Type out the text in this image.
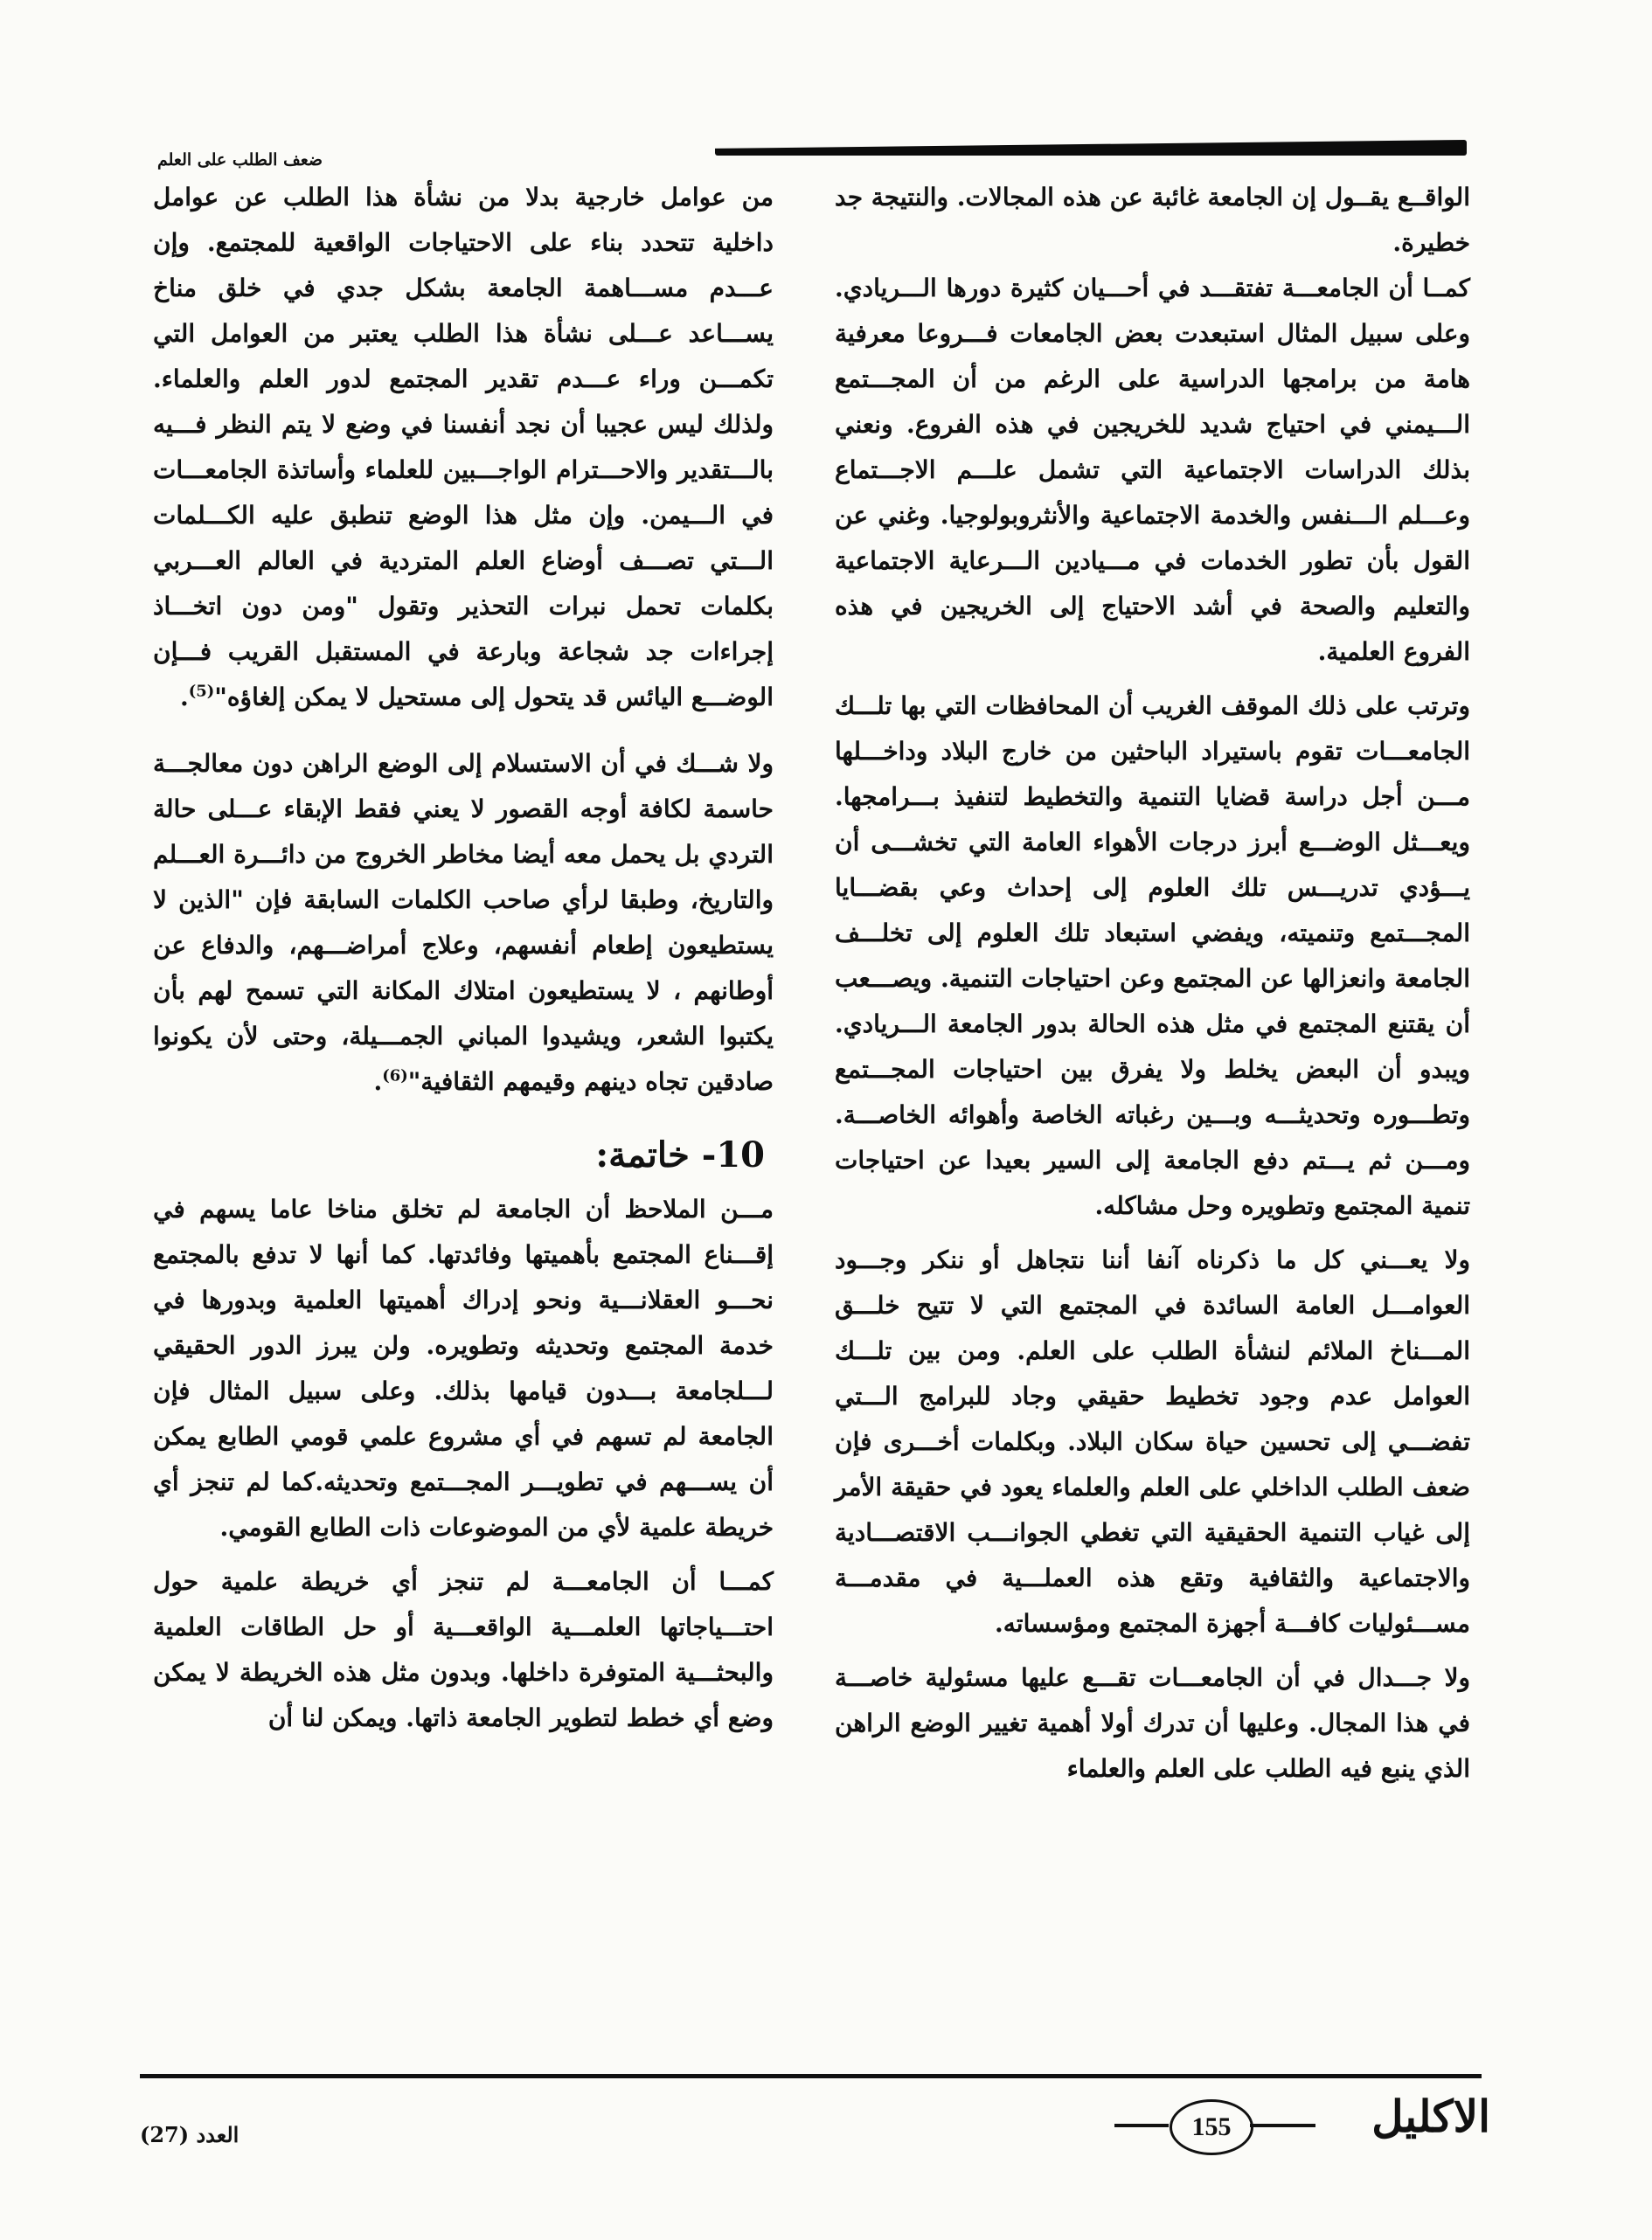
ضعف الطلب على العلم

الواقــع يقــول إن الجامعة غائبة عن هذه المجالات. والنتيجة جد خطيرة.

كمــا أن الجامعـــة تفتقـــد في أحـــيان كثيرة دورها الـــريادي. وعلى سبيل المثال استبعدت بعض الجامعات فـــروعا معرفية هامة من برامجها الدراسية على الرغم من أن المجـــتمع الـــيمني في احتياج شديد للخريجين في هذه الفروع. ونعني بذلك الدراسات الاجتماعية التي تشمل علـــم الاجـــتماع وعـــلم الـــنفس والخدمة الاجتماعية والأنثروبولوجيا. وغني عن القول بأن تطور الخدمات في مـــيادين الـــرعاية الاجتماعية والتعليم والصحة في أشد الاحتياج إلى الخريجين في هذه الفروع العلمية.

وترتب على ذلك الموقف الغريب أن المحافظات التي بها تلـــك الجامعـــات تقوم باستيراد الباحثين من خارج البلاد وداخـــلها مـــن أجل دراسة قضايا التنمية والتخطيط لتنفيذ بـــرامجها. ويعـــثل الوضـــع أبرز درجات الأهواء العامة التي تخشـــى أن يـــؤدي تدريـــس تلك العلوم إلى إحداث وعي بقضـــايا المجـــتمع وتنميته، ويفضي استبعاد تلك العلوم إلى تخلـــف الجامعة وانعزالها عن المجتمع وعن احتياجات التنمية. ويصـــعب أن يقتنع المجتمع في مثل هذه الحالة بدور الجامعة الـــريادي. ويبدو أن البعض يخلط ولا يفرق بين احتياجات المجـــتمع وتطـــوره وتحديثـــه وبـــين رغباته الخاصة وأهوائه الخاصـــة. ومـــن ثم يـــتم دفع الجامعة إلى السير بعيدا عن احتياجات تنمية المجتمع وتطويره وحل مشاكله.

ولا يعـــني كل ما ذكرناه آنفا أننا نتجاهل أو ننكر وجـــود العوامـــل العامة السائدة في المجتمع التي لا تتيح خلـــق المـــناخ الملائم لنشأة الطلب على العلم. ومن بين تلـــك العوامل عدم وجود تخطيط حقيقي وجاد للبرامج الـــتي تفضـــي إلى تحسين حياة سكان البلاد. وبكلمات أخـــرى فإن ضعف الطلب الداخلي على العلم والعلماء يعود في حقيقة الأمر إلى غياب التنمية الحقيقية التي تغطي الجوانـــب الاقتصـــادية والاجتماعية والثقافية وتقع هذه العملـــية في مقدمـــة مســـئوليات كافـــة أجهزة المجتمع ومؤسساته.

ولا جـــدال في أن الجامعـــات تقـــع عليها مسئولية خاصـــة في هذا المجال. وعليها أن تدرك أولا أهمية تغيير الوضع الراهن الذي ينبع فيه الطلب على العلم والعلماء

من عوامل خارجية بدلا من نشأة هذا الطلب عن عوامل داخلية تتحدد بناء على الاحتياجات الواقعية للمجتمع. وإن عـــدم مســـاهمة الجامعة بشكل جدي في خلق مناخ يســـاعد عـــلى نشأة هذا الطلب يعتبر من العوامل التي تكمـــن وراء عـــدم تقدير المجتمع لدور العلم والعلماء. ولذلك ليس عجيبا أن نجد أنفسنا في وضع لا يتم النظر فـــيه بالـــتقدير والاحـــترام الواجـــبين للعلماء وأساتذة الجامعـــات في الـــيمن. وإن مثل هذا الوضع تنطبق عليه الكـــلمات الـــتي تصـــف أوضاع العلم المتردية في العالم العـــربي بكلمات تحمل نبرات التحذير وتقول "ومن دون اتخـــاذ إجراءات جد شجاعة وبارعة في المستقبل القريب فـــإن الوضـــع اليائس قد يتحول إلى مستحيل لا يمكن إلغاؤه"$^{(5)}$.

ولا شـــك في أن الاستسلام إلى الوضع الراهن دون معالجـــة حاسمة لكافة أوجه القصور لا يعني فقط الإبقاء عـــلى حالة التردي بل يحمل معه أيضا مخاطر الخروج من دائـــرة العـــلم والتاريخ، وطبقا لرأي صاحب الكلمات السابقة فإن "الذين لا يستطيعون إطعام أنفسهم، وعلاج أمراضـــهم، والدفاع عن أوطانهم ، لا يستطيعون امتلاك المكانة التي تسمح لهم بأن يكتبوا الشعر، ويشيدوا المباني الجمـــيلة، وحتى لأن يكونوا صادقين تجاه دينهم وقيمهم الثقافية"$^{(6)}$.

10- خاتمة:

مـــن الملاحظ أن الجامعة لم تخلق مناخا عاما يسهم في إقـــناع المجتمع بأهميتها وفائدتها. كما أنها لا تدفع بالمجتمع نحـــو العقلانـــية ونحو إدراك أهميتها العلمية وبدورها في خدمة المجتمع وتحديثه وتطويره. ولن يبرز الدور الحقيقي لـــلجامعة بـــدون قيامها بذلك. وعلى سبيل المثال فإن الجامعة لم تسهم في أي مشروع علمي قومي الطابع يمكن أن يســـهم في تطويـــر المجـــتمع وتحديثه.كما لم تنجز أي خريطة علمية لأي من الموضوعات ذات الطابع القومي.

كمـــا أن الجامعـــة لم تنجز أي خريطة علمية حول احتـــياجاتها العلمـــية الواقعـــية أو حل الطاقات العلمية والبحثـــية المتوفرة داخلها. وبدون مثل هذه الخريطة لا يمكن وضع أي خطط لتطوير الجامعة ذاتها. ويمكن لنا أن

العدد (27)	155	الاكليل
